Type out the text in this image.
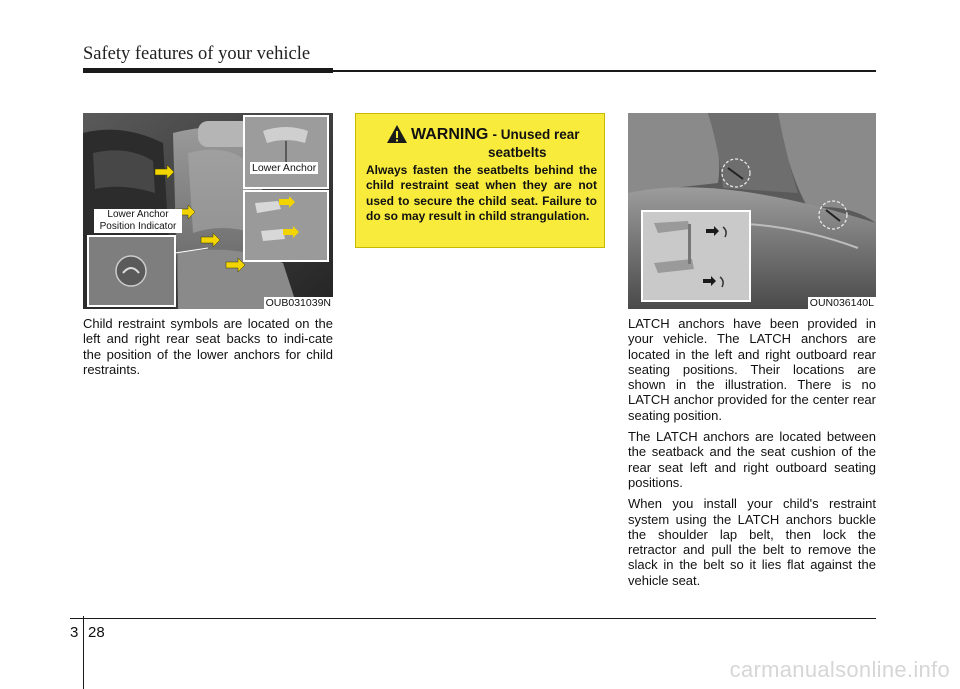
Safety features of your vehicle
Lower Anchor
Lower Anchor
Position Indicator
OUB031039N

Child restraint symbols are located on the left and right rear seat backs to indi-cate the position of the lower anchors for child restraints.

WARNING - Unused rear
seatbelts
Always fasten the seatbelts behind the child restraint seat when they are not used to secure the child seat. Failure to do so may result in child strangulation.
OUN036140L

LATCH anchors have been provided in your vehicle. The LATCH anchors are located in the left and right outboard rear seating positions. Their locations are shown in the illustration. There is no LATCH anchor provided for the center rear seating position.

The LATCH anchors are located between the seatback and the seat cushion of the rear seat left and right outboard seating positions.

When you install your child's restraint system using the LATCH anchors buckle the shoulder lap belt, then lock the retractor and pull the belt to remove the slack in the belt so it lies flat against the vehicle seat.

3 28
carmanualsonline.info
